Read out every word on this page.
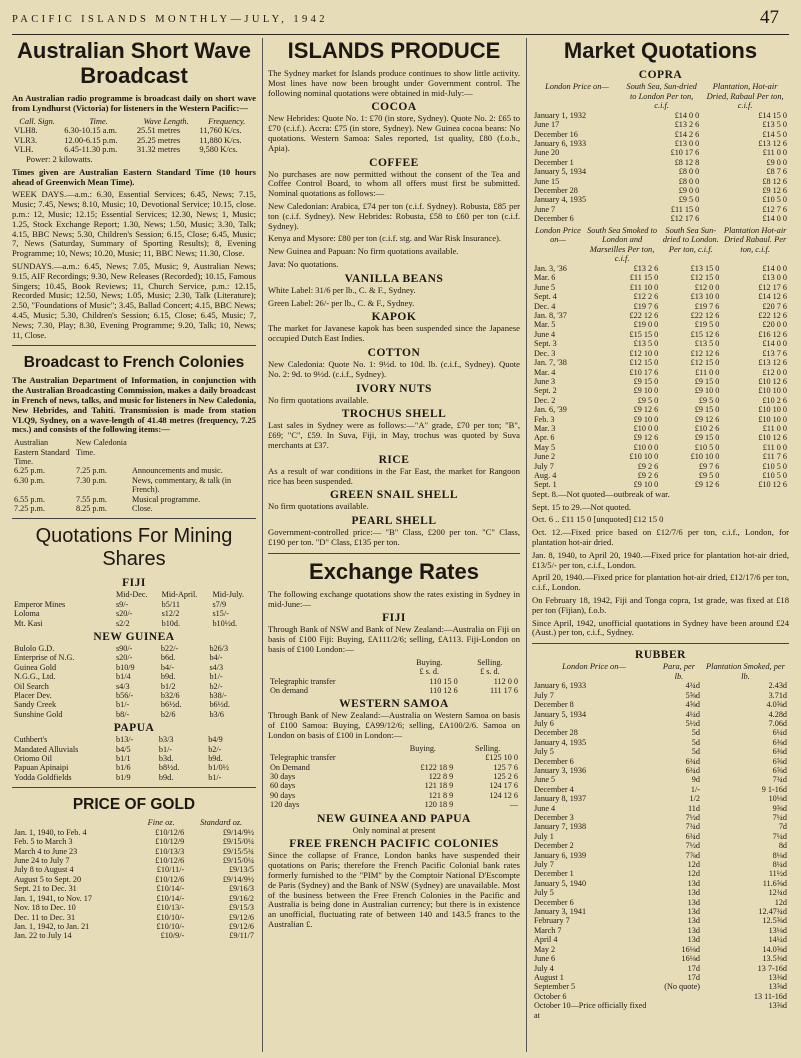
PACIFIC ISLANDS MONTHLY—JULY, 1942	47
Australian Short Wave Broadcast

An Australian radio programme is broadcast daily on short wave from Lyndhurst (Victoria) for listeners in the Western Pacific:—

Call. Sign.	Time.	Wave Length.	Frequency.
VLH8.	6.30-10.15 a.m.	25.51 metres	11,760 K/cs.
VLR3.	12.00-6.15 p.m.	25.25 metres	11,880 K/cs.
VLH.	6.45-11.30 p.m.	31.32 metres	9,580 K/cs.

Power: 2 kilowatts.

Times given are Australian Eastern Standard Time (10 hours ahead of Greenwich Mean Time).

WEEK DAYS.—a.m.: 6.30, Essential Services; 6.45, News; 7.15, Music; 7.45, News; 8.10, Music; 10, Devotional Service; 10.15, close. p.m.: 12, Music; 12.15; Essential Services; 12.30, News; 1, Music; 1.25, Stock Exchange Report; 1.30, News; 1.50, Music; 3.30, Talk; 4.15, BBC News; 5.30, Children's Session; 6.15, Close; 6.45, Music; 7, News (Saturday, Summary of Sporting Results); 8, Evening Programme; 10, News; 10.20, Music; 11, BBC News; 11.30, Close.

SUNDAYS.—a.m.: 6.45, News; 7.05, Music; 9, Australian News; 9.15, AIF Recordings; 9.30, New Releases (Recorded); 10.15, Famous Singers; 10.45, Book Reviews; 11, Church Service, p.m.: 12.15, Recorded Music; 12.50, News; 1.05, Music; 2.30, Talk (Literature); 2.50, "Foundations of Music"; 3.45, Ballad Concert; 4.15, BBC News; 4.45, Music; 5.30, Children's Session; 6.15, Close; 6.45, Music; 7, News; 7.30, Play; 8.30, Evening Programme; 9.20, Talk; 10, News; 11, Close.

Broadcast to French Colonies

The Australian Department of Information, in conjunction with the Australian Broadcasting Commission, makes a daily broadcast in French of news, talks, and music for listeners in New Caledonia, New Hebrides, and Tahiti. Transmission is made from station VLQ9, Sydney, on a wave-length of 41.48 metres (frequency, 7.25 mcs.) and consists of the following items:—

Australian Eastern Standard Time.	New Caledonia Time.	
6.25 p.m.	7.25 p.m.	Announcements and music.
6.30 p.m.	7.30 p.m.	News, commentary, & talk (in French).
6.55 p.m.	7.55 p.m.	Musical programme.
7.25 p.m.	8.25 p.m.	Close.
Quotations For Mining Shares
FIJI
	Mid-Dec.	Mid-April.	Mid-July.
Emperor Mines	s9/-	b5/11	s7/9
Loloma	s20/-	s12/2	s15/-
Mt. Kasi	s2/2	b10d.	b10½d.
NEW GUINEA
Bulolo G.D.	s90/-	b22/-	b26/3
Enterprise of N.G.	s20/-	b6d.	b4/-
Guinea Gold	b10/9	b4/-	s4/3
N.G.G., Ltd.	b1/4	b9d.	b1/-
Oil Search	s4/3	b1/2	b2/-
Placer Dev.	b56/-	b32/6	b38/-
Sandy Creek	b1/-	b6½d.	b6½d.
Sunshine Gold	b8/-	b2/6	b3/6
PAPUA
Cuthbert's	b13/-	b3/3	b4/9
Mandated Alluvials	b4/5	b1/-	b2/-
Oriomo Oil	b1/1	b3d.	b9d.
Papuan Apinaipi	b1/6	b8½d.	b1/0½
Yodda Goldfields	b1/9	b9d.	b1/-
PRICE OF GOLD
	Fine oz.	Standard oz.
Jan. 1, 1940, to Feb. 4	£10/12/6	£9/14/9½
Feb. 5 to March 3	£10/12/9	£9/15/0¼
March 4 to June 23	£10/13/3	£9/15/5¾
June 24 to July 7	£10/12/6	£9/15/0¼
July 8 to August 4	£10/11/-	£9/13/5
August 5 to Sept. 20	£10/12/6	£9/14/9½
Sept. 21 to Dec. 31	£10/14/-	£9/16/3
Jan. 1, 1941, to Nov. 17	£10/14/-	£9/16/2
Nov. 18 to Dec. 10	£10/13/-	£9/15/3
Dec. 11 to Dec. 31	£10/10/-	£9/12/6
Jan. 1, 1942, to Jan. 21	£10/10/-	£9/12/6
Jan. 22 to July 14	£10/9/-	£9/11/7
ISLANDS PRODUCE

The Sydney market for Islands produce continues to show little activity. Most lines have now been brought under Government control. The following nominal quotations were obtained in mid-July:—

COCOA

New Hebrides: Quote No. 1: £70 (in store, Sydney). Quote No. 2: £65 to £70 (c.i.f.). Accra: £75 (in store, Sydney). New Guinea cocoa beans: No quotations. Western Samoa: Sales reported, 1st quality, £80 (f.o.b., Apia).

COFFEE

No purchases are now permitted without the consent of the Tea and Coffee Control Board, to whom all offers must first be submitted. Nominal quotations as follows:—

New Caledonian: Arabica, £74 per ton (c.i.f. Sydney). Robusta, £85 per ton (c.i.f. Sydney). New Hebrides: Robusta, £58 to £60 per ton (c.i.f. Sydney).

Kenya and Mysore: £80 per ton (c.i.f. stg. and War Risk Insurance).

New Guinea and Papuan: No firm quotations available.

Java: No quotations.

VANILLA BEANS

White Label: 31/6 per lb., C. & F., Sydney.

Green Label: 26/- per lb., C. & F., Sydney.

KAPOK

The market for Javanese kapok has been suspended since the Japanese occupied Dutch East Indies.

COTTON

New Caledonia: Quote No. 1: 9½d. to 10d. lb. (c.i.f., Sydney). Quote No. 2: 9d. to 9½d. (c.i.f., Sydney).

IVORY NUTS

No firm quotations available.

TROCHUS SHELL

Last sales in Sydney were as follows:—"A" grade, £70 per ton; "B", £69; "C", £59. In Suva, Fiji, in May, trochus was quoted by Suva merchants at £37.

RICE

As a result of war conditions in the Far East, the market for Rangoon rice has been suspended.

GREEN SNAIL SHELL

No firm quotations available.

PEARL SHELL

Government-controlled price:— "B" Class, £200 per ton. "C" Class, £190 per ton. "D" Class, £135 per ton.

Exchange Rates

The following exchange quotations show the rates existing in Sydney in mid-June:—

FIJI

Through Bank of NSW and Bank of New Zealand:—Australia on Fiji on basis of £100 Fiji: Buying, £A111/2/6; selling, £A113. Fiji-London on basis of £100 London:—

	Buying.	Selling.
	£ s. d.	£ s. d.
Telegraphic transfer	110 15 0	112 0 0
On demand	110 12 6	111 17 6
WESTERN SAMOA

Through Bank of New Zealand:—Australia on Western Samoa on basis of £100 Samoa: Buying, £A99/12/6; selling, £A100/2/6. Samoa on London on basis of £100 in London:—

	Buying.	Selling.
Telegraphic transfer		£125 10 0
On Demand	£122 18 9	125 7 6
30 days	122 8 9	125 2 6
60 days	121 18 9	124 17 6
90 days	121 8 9	124 12 6
120 days	120 18 9	—
NEW GUINEA AND PAPUA

Only nominal at present

FREE FRENCH PACIFIC COLONIES

Since the collapse of France, London banks have suspended their quotations on Paris; therefore the French Pacific Colonial bank rates formerly furnished to the "PIM" by the Comptoir National D'Escompte de Paris (Sydney) and the Bank of NSW (Sydney) are unavailable. Most of the business between the Free French Colonies in the Pacific and Australia is being done in Australian currency; but there is in existence an unofficial, fluctuating rate of between 140 and 143.5 francs to the Australian £.

Market Quotations
COPRA
London Price on—	South Sea, Sun-dried to London Per ton, c.i.f.	Plantation, Hot-air Dried, Rabaul Per ton, c.i.f.
January 1, 1932	£14 0 0	£14 15 0
June 17	£13 2 6	£13 5 0
December 16	£14 2 6	£14 5 0
January 6, 1933	£13 0 0	£13 12 6
June 20	£10 17 6	£11 0 0
December 1	£8 12 8	£9 0 0
January 5, 1934	£8 0 0	£8 7 6
June 15	£8 0 0	£8 12 6
December 28	£9 0 0	£9 12 6
January 4, 1935	£9 5 0	£10 5 0
June 7	£11 15 0	£12 7 6
December 6	£12 17 6	£14 0 0
London Price on—	South Sea Smoked to London and Marseilles Per ton, c.i.f.	South Sea Sun-dried to London. Per ton, c.i.f.	Plantation Hot-air Dried Rabaul. Per ton, c.i.f.
Jan. 3, '36	£13 2 6	£13 15 0	£14 0 0
Mar. 6	£11 15 0	£12 15 0	£13 0 0
June 5	£11 10 0	£12 0 0	£12 17 6
Sept. 4	£12 2 6	£13 10 0	£14 12 6
Dec. 4	£19 7 6	£19 7 6	£20 7 6
Jan. 8, '37	£22 12 6	£22 12 6	£22 12 6
Mar. 5	£19 0 0	£19 5 0	£20 0 0
June 4	£15 15 0	£15 12 6	£16 12 6
Sept. 3	£13 5 0	£13 5 0	£14 0 0
Dec. 3	£12 10 0	£12 12 6	£13 7 6
Jan. 7, '38	£12 15 0	£12 15 0	£13 12 6
Mar. 4	£10 17 6	£11 0 0	£12 0 0
June 3	£9 15 0	£9 15 0	£10 12 6
Sept. 2	£9 10 0	£9 10 0	£10 10 0
Dec. 2	£9 5 0	£9 5 0	£10 2 6
Jan. 6, '39	£9 12 6	£9 15 0	£10 10 0
Feb. 3	£9 10 0	£9 12 6	£10 10 0
Mar. 3	£10 0 0	£10 2 6	£11 0 0
Apr. 6	£9 12 6	£9 15 0	£10 12 6
May 5	£10 0 0	£10 5 0	£11 0 0
June 2	£10 10 0	£10 10 0	£11 7 6
July 7	£9 2 6	£9 7 6	£10 5 0
Aug. 4	£9 2 6	£9 5 0	£10 5 0
Sept. 1	£9 10 0	£9 12 6	£10 12 6

Sept. 8.—Not quoted—outbreak of war.

Sept. 15 to 29.—Not quoted.

Oct. 6 .. £11 15 0 [unquoted] £12 15 0

Oct. 12.—Fixed price based on £12/7/6 per ton, c.i.f., London, for plantation hot-air dried.

Jan. 8, 1940, to April 20, 1940.—Fixed price for plantation hot-air dried, £13/5/- per ton, c.i.f., London.

April 20, 1940.—Fixed price for plantation hot-air dried, £12/17/6 per ton, c.i.f., London.

On February 18, 1942, Fiji and Tonga copra, 1st grade, was fixed at £18 per ton (Fijian), f.o.b.

Since April, 1942, unofficial quotations in Sydney have been around £24 (Aust.) per ton, c.i.f., Sydney.

RUBBER
London Price on—	Para, per lb.	Plantation Smoked, per lb.
January 6, 1933	4¾d	2.43d
July 7	5⅝d	3.71d
December 8	4⅝d	4.0⅝d
January 5, 1934	4¼d	4.28d
July 6	5½d	7.06d
December 28	5d	6¼d
January 4, 1935	5d	6⅜d
July 5	5d	6⅜d
December 6	6¾d	6⅝d
January 3, 1936	6¾d	6⅝d
June 5	9d	7¾d
December 4	1/-	9 1-16d
January 8, 1937	1/2	10⅛d
June 4	11d	9⅝d
December 3	7½d	7¼d
January 7, 1938	7¾d	7d
July 1	6¾d	7¼d
December 2	7½d	8d
January 6, 1939	7⅞d	8⅛d
July 7	12d	8¼d
December 1	12d	11½d
January 5, 1940	13d	11.6⅝d
July 5	13d	12¾d
December 6	13d	12d
January 3, 1941	13d	12.47¾d
February 7	13d	12.5⅝d
March 7	13d	13⅛d
April 4	13d	14¼d
May 2	16⅛d	14.0⅝d
June 6	16⅛d	13.5⅜d
July 4	17d	13 7-16d
August 1	17d	13⅜d
September 5	(No quote)	13⅝d
October 6		13 11-16d
October 10—Price officially fixed at		13⅝d
